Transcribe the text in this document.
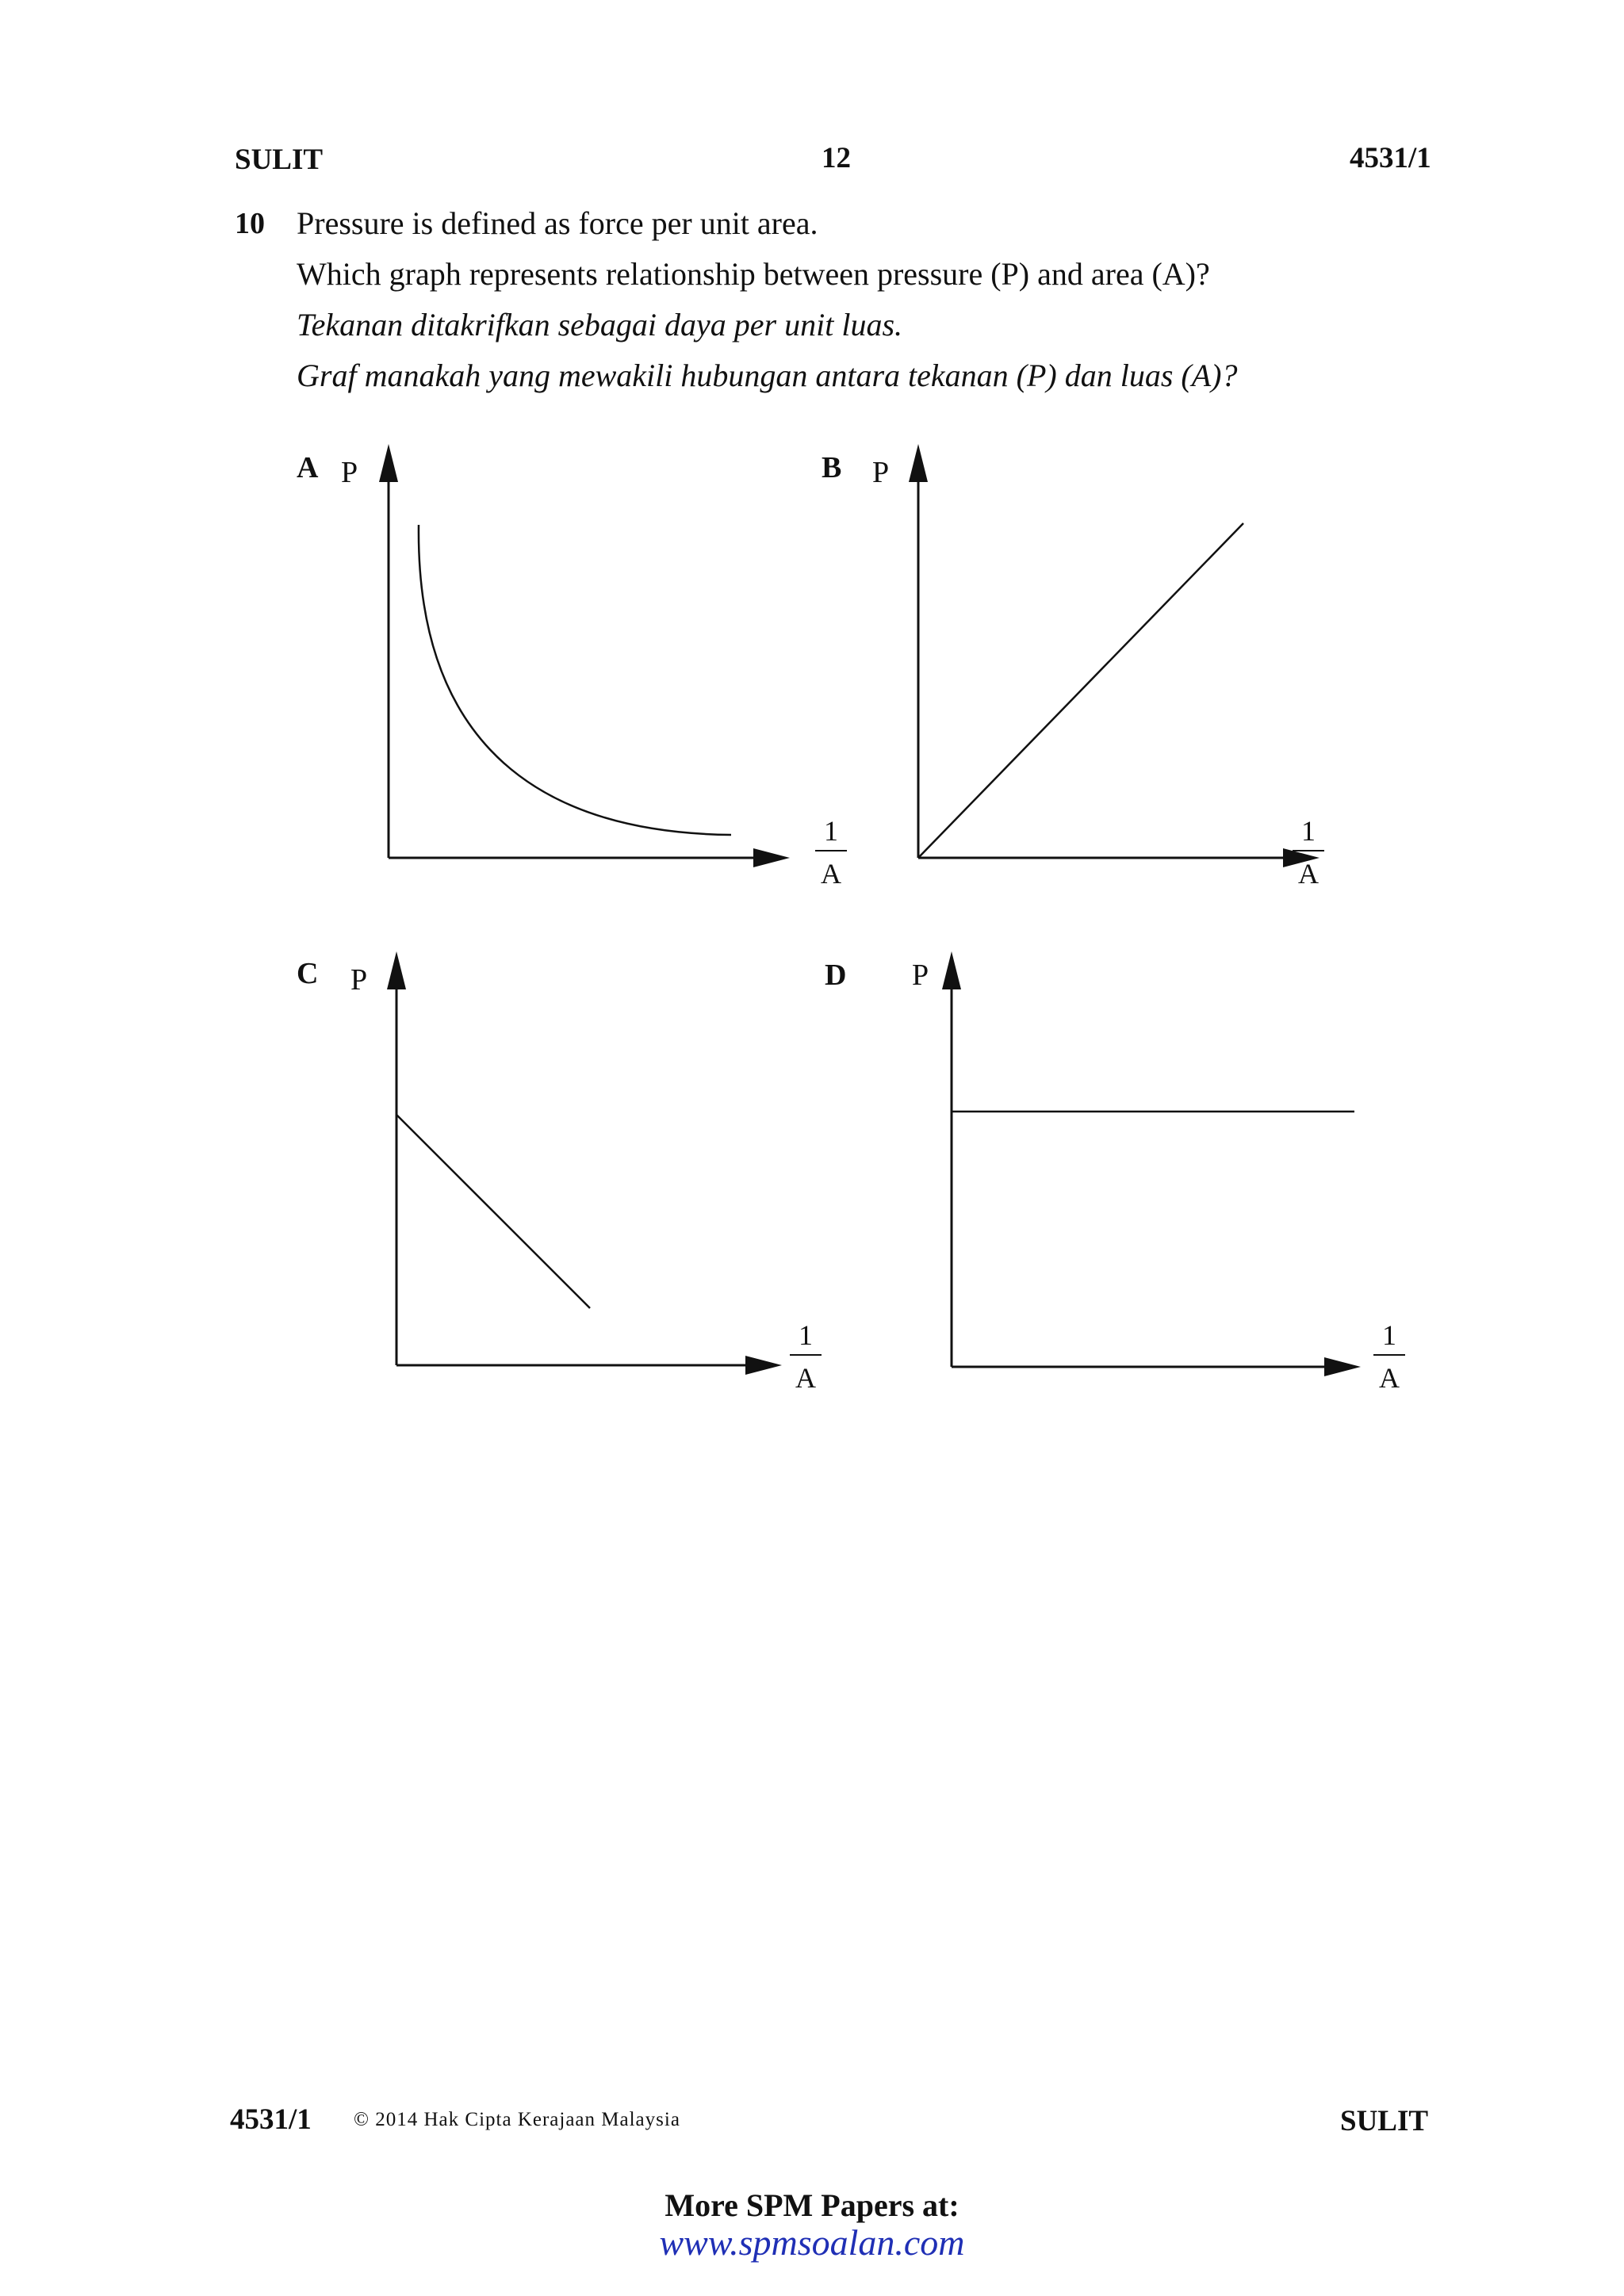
SULIT	12	4531/1
10 Pressure is defined as force per unit area.
Which graph represents relationship between pressure (P) and area (A)?
Tekanan ditakrifkan sebagai daya per unit luas.
Graf manakah yang mewakili hubungan antara tekanan (P) dan luas (A)?
A P
1
A
B P
1
A
C P
1
A
D P
1
A
4531/1 © 2014 Hak Cipta Kerajaan Malaysia	SULIT
More SPM Papers at:
www.spmsoalan.com
